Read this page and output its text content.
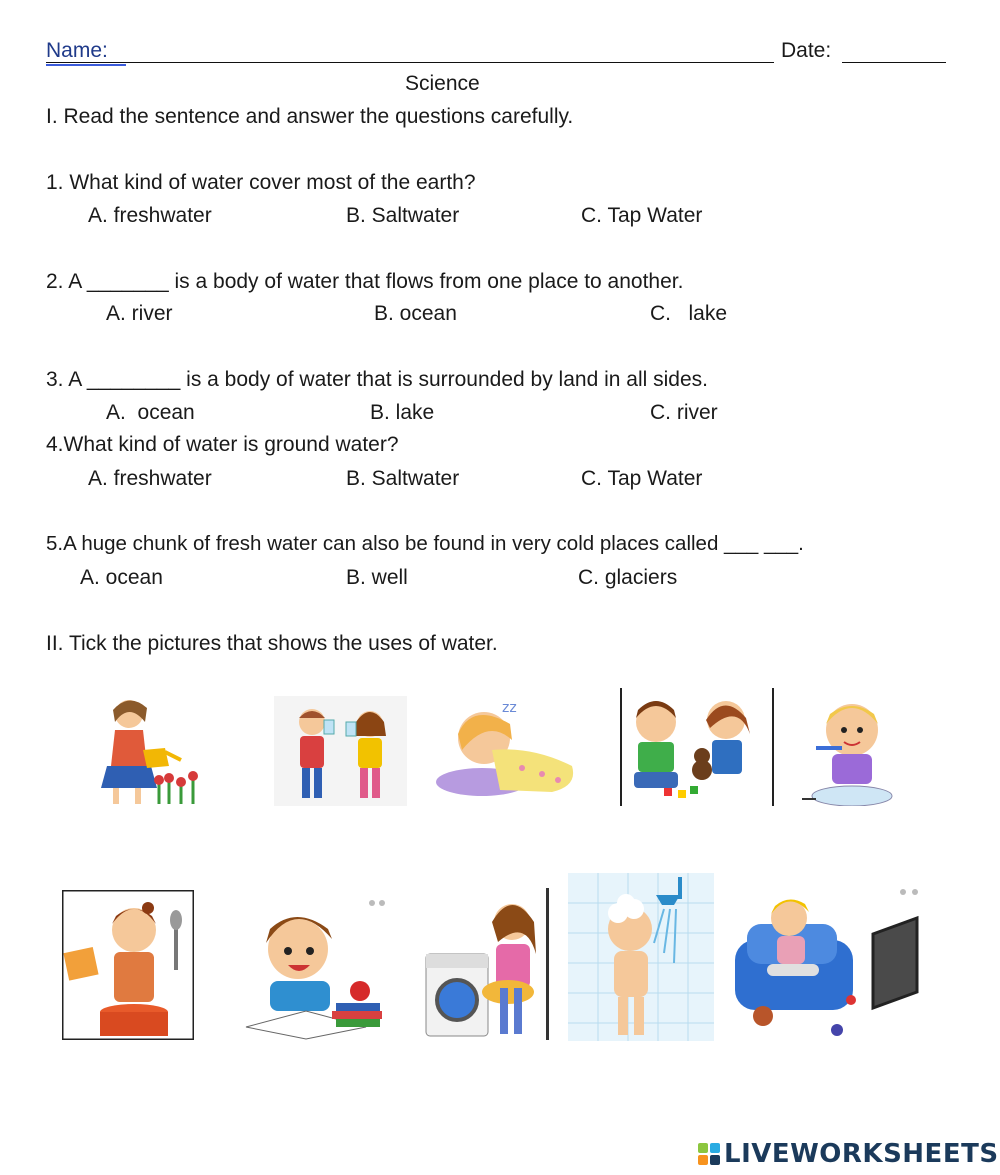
Name:	Date:
Science
I. Read the sentence and answer the questions carefully.
1. What kind of water cover most of the earth?
A. freshwater	B. Saltwater	C. Tap Water
2. A _______ is a body of water that flows from one place to another.
A. river	B. ocean	C.   lake
3. A ________ is a body of water that is surrounded by land in all sides.
A.  ocean	B. lake	C. river
4.What kind of water is ground water?
A. freshwater	B. Saltwater	C. Tap Water
5.A huge chunk of fresh water can also be found in very cold places called ___ ___.
A. ocean	B. well	C. glaciers
II. Tick the pictures that shows the uses of water.
zz
LIVEWORKSHEETS
